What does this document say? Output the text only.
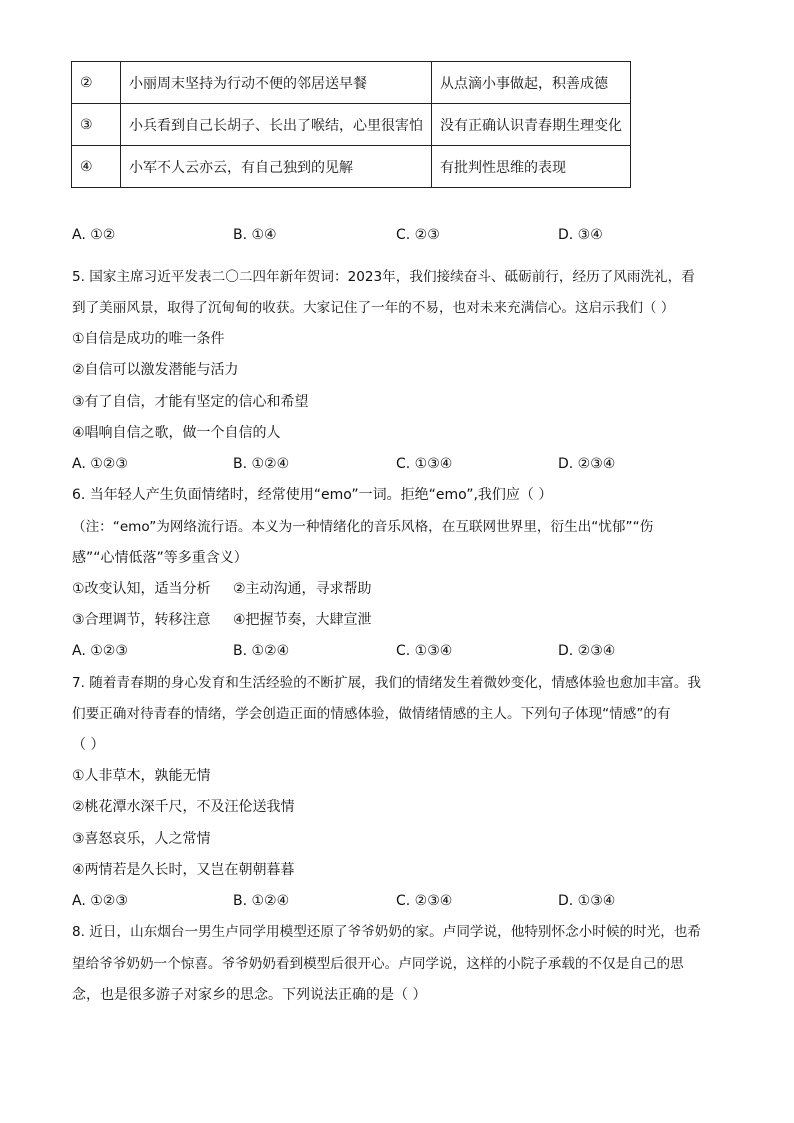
②	小丽周末坚持为行动不便的邻居送早餐	从点滴小事做起，积善成德
③	小兵看到自己长胡子、长出了喉结，心里很害怕	没有正确认识青春期生理变化
④	小军不人云亦云，有自己独到的见解	有批判性思维的表现
A. ①②	B. ①④	C. ②③	D. ③④
5. 国家主席习近平发表二〇二四年新年贺词：2023年，我们接续奋斗、砥砺前行，经历了风雨洗礼，看
到了美丽风景，取得了沉甸甸的收获。大家记住了一年的不易，也对未来充满信心。这启示我们（ ）
①自信是成功的唯一条件
②自信可以激发潜能与活力
③有了自信，才能有坚定的信心和希望
④唱响自信之歌，做一个自信的人
A. ①②③	B. ①②④	C. ①③④	D. ②③④
6. 当年轻人产生负面情绪时，经常使用“emo”一词。拒绝“emo”,我们应（ ）
（注：“emo”为网络流行语。本义为一种情绪化的音乐风格，在互联网世界里，衍生出“忧郁”“伤
感”“心情低落”等多重含义）
①改变认知，适当分析 ②主动沟通，寻求帮助
③合理调节，转移注意 ④把握节奏，大肆宣泄
A. ①②③	B. ①②④	C. ①③④	D. ②③④
7. 随着青春期的身心发育和生活经验的不断扩展，我们的情绪发生着微妙变化，情感体验也愈加丰富。我
们要正确对待青春的情绪，学会创造正面的情感体验，做情绪情感的主人。下列句子体现“情感”的有
（ ）
①人非草木，孰能无情
②桃花潭水深千尺，不及汪伦送我情
③喜怒哀乐，人之常情
④两情若是久长时，又岂在朝朝暮暮
A. ①②③	B. ①②④	C. ②③④	D. ①③④
8. 近日，山东烟台一男生卢同学用模型还原了爷爷奶奶的家。卢同学说，他特别怀念小时候的时光，也希
望给爷爷奶奶一个惊喜。爷爷奶奶看到模型后很开心。卢同学说，这样的小院子承载的不仅是自己的思
念，也是很多游子对家乡的思念。下列说法正确的是（ ）
